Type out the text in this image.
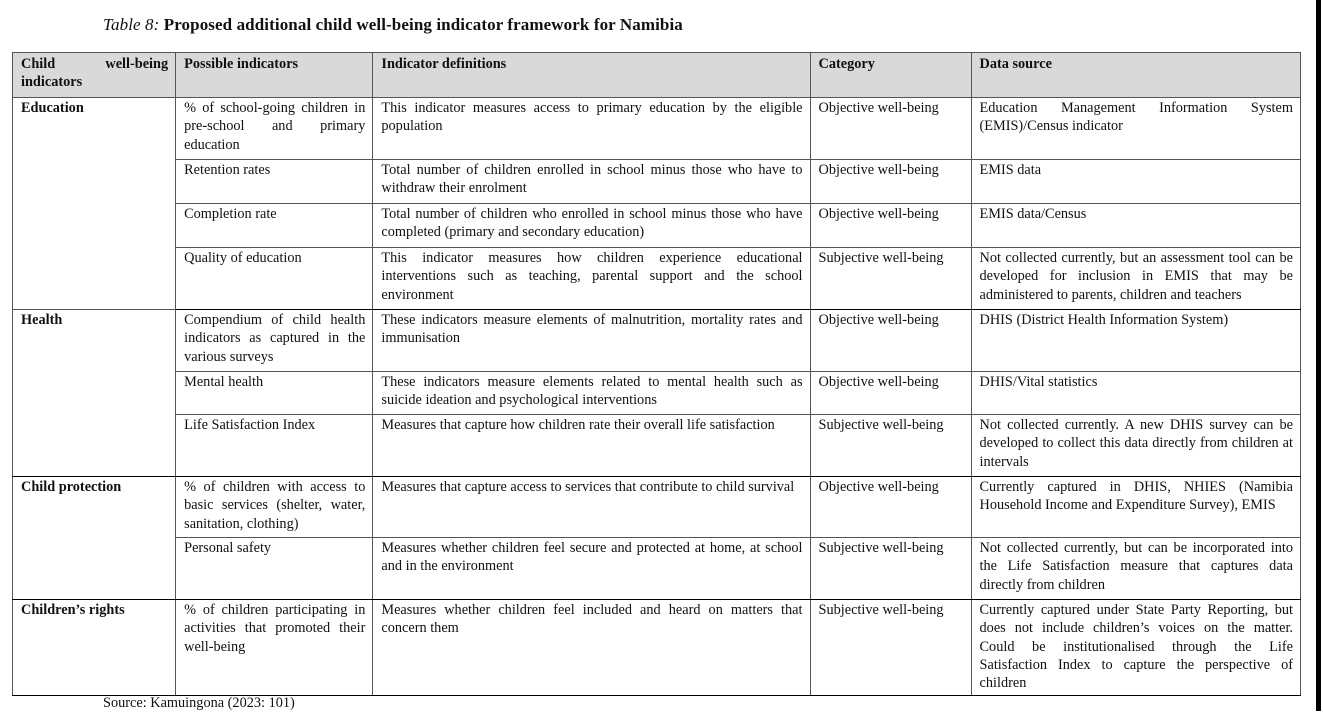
Table 8: Proposed additional child well-being indicator framework for Namibia
Child well-being indicators	Possible indicators	Indicator definitions	Category	Data source
Education	% of school-going children in pre-school and primary education	This indicator measures access to primary education by the eligible population	Objective well-being	Education Management Information System (EMIS)/Census indicator
	Retention rates	Total number of children enrolled in school minus those who have to withdraw their enrolment	Objective well-being	EMIS data
	Completion rate	Total number of children who enrolled in school minus those who have completed (primary and secondary education)	Objective well-being	EMIS data/Census
	Quality of education	This indicator measures how children experience educational interventions such as teaching, parental support and the school environment	Subjective well-being	Not collected currently, but an assessment tool can be developed for inclusion in EMIS that may be administered to parents, children and teachers
Health	Compendium of child health indicators as captured in the various surveys	These indicators measure elements of malnutrition, mortality rates and immunisation	Objective well-being	DHIS (District Health Information System)
	Mental health	These indicators measure elements related to mental health such as suicide ideation and psychological interventions	Objective well-being	DHIS/Vital statistics
	Life Satisfaction Index	Measures that capture how children rate their overall life satisfaction	Subjective well-being	Not collected currently. A new DHIS survey can be developed to collect this data directly from children at intervals
Child protection	% of children with access to basic services (shelter, water, sanitation, clothing)	Measures that capture access to services that contribute to child survival	Objective well-being	Currently captured in DHIS, NHIES (Namibia Household Income and Expenditure Survey), EMIS
	Personal safety	Measures whether children feel secure and protected at home, at school and in the environment	Subjective well-being	Not collected currently, but can be incorporated into the Life Satisfaction measure that captures data directly from children
Children’s rights	% of children participating in activities that promoted their well-being	Measures whether children feel included and heard on matters that concern them	Subjective well-being	Currently captured under State Party Reporting, but does not include children’s voices on the matter. Could be institutionalised through the Life Satisfaction Index to capture the perspective of children
Source: Kamuingona (2023: 101)
